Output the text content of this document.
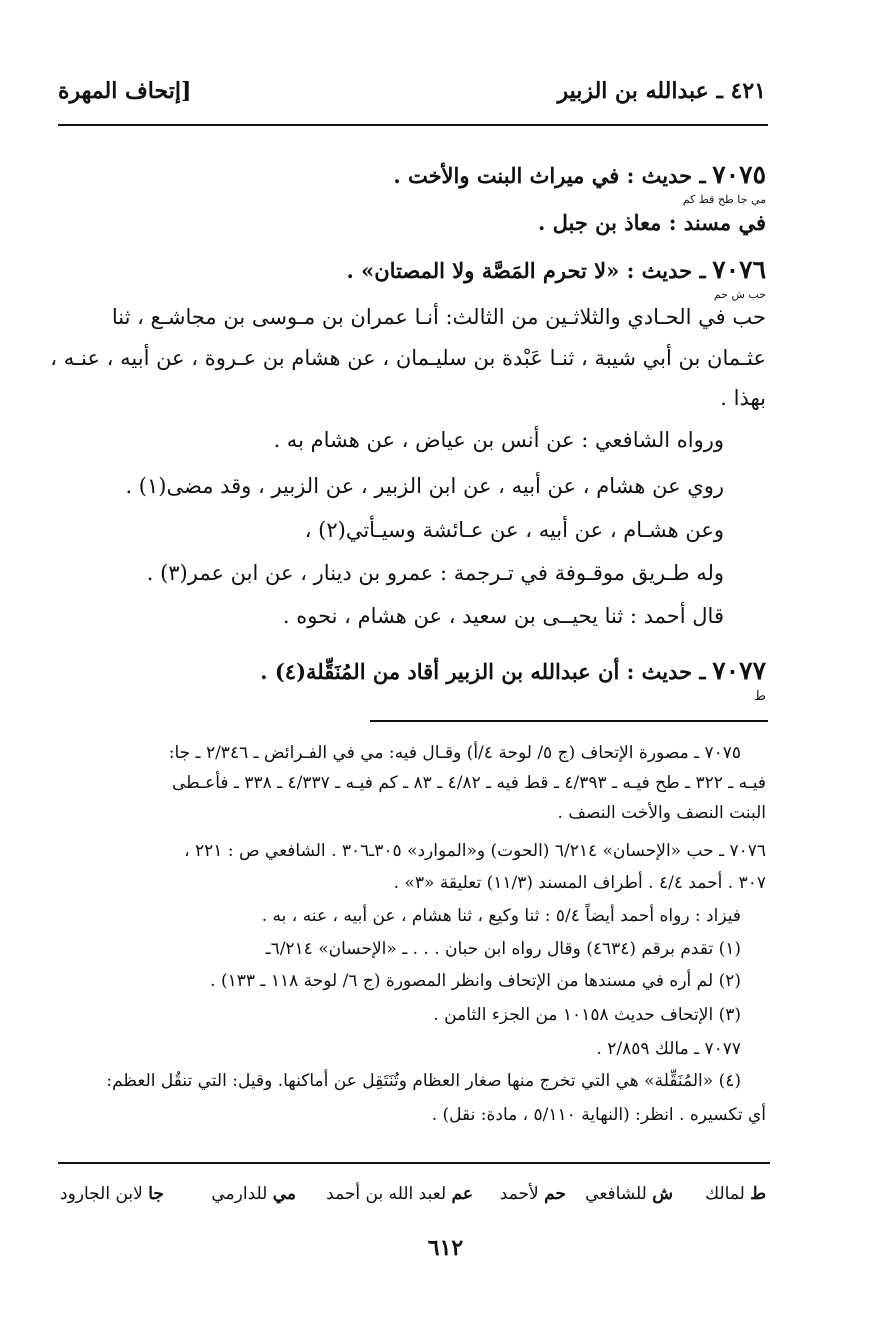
٤٢١ ـ عبدالله بن الزبير
[إتحاف المهرة
٧٠٧٥ ـ حديث : في ميراث البنت والأخت .
مي جا طح قط كم
في مسند : معاذ بن جبل .
٧٠٧٦ ـ حديث : «لا تحرم المَصَّة ولا المصتان» .
حب ش حم
حب في الحـادي والثلاثـين من الثالث: أنـا عمران بن مـوسى بن مجاشـع ، ثنا
عثـمان بن أبي شيبة ، ثنـا عَبْدة بن سليـمان ، عن هشام بن عـروة ، عن أبيه ، عنـه ،
بهذا .
ورواه الشافعي : عن أنس بن عياض ، عن هشام به .
روي عن هشام ، عن أبيه ، عن ابن الزبير ، عن الزبير ، وقد مضى(١) .
وعن هشـام ، عن أبيه ، عن عـائشة وسيـأتي(٢) ،
وله طـريق موقـوفة في تـرجمة : عمرو بن دينار ، عن ابن عمر(٣) .
قال أحمد : ثنا يحيــى بن سعيد ، عن هشام ، نحوه .
٧٠٧٧ ـ حديث : أن عبدالله بن الزبير أقاد من المُنَقِّلة(٤) .
ط
٧٠٧٥ ـ مصورة الإتحاف (ج ٥/ لوحة ٤/أ) وقـال فيه: مي في الفـرائض ـ ٢/٣٤٦ ـ جا:
فيـه ـ ٣٢٢ ـ طح فيـه ـ ٤/٣٩٣ ـ قط فيه ـ ٤/٨٢ ـ ٨٣ ـ كم فيـه ـ ٤/٣٣٧ ـ ٣٣٨ ـ فأعـطى
البنت النصف والأخت النصف .
٧٠٧٦ ـ حب «الإحسان» ٦/٢١٤ (الحوت) و«الموارد» ٣٠٥ـ٣٠٦ . الشافعي ص : ٢٢١ ،
٣٠٧ . أحمد ٤/٤ . أطراف المسند (١١/٣) تعليقة «٣» .
فيزاد : رواه أحمد أيضاً ٥/٤ : ثنا وكيع ، ثنا هشام ، عن أبيه ، عنه ، به .
(١) تقدم برقم (٤٦٣٤) وقال رواه ابن حبان . . . ـ «الإحسان» ٦/٢١٤ـ
(٢) لم أره في مسندها من الإتحاف وانظر المصورة (ج ٦/ لوحة ١١٨ ـ ١٣٣) .
(٣) الإتحاف حديث ١٠١٥٨ من الجزء الثامن .
٧٠٧٧ ـ مالك ٢/٨٥٩ .
(٤) «المُنَقِّلة» هي التي تخرج منها صغار العظام وتُنَتَقِل عن أماكنها. وقيل: التي تنقُل العظم:
أي تكسيره . انظر: (النهاية ٥/١١٠ ، مادة: نقل) .
ط لمالك
ش للشافعي
حم لأحمد
عم لعبد الله بن أحمد
مي للدارمي
جا لابن الجارود
٦١٢
